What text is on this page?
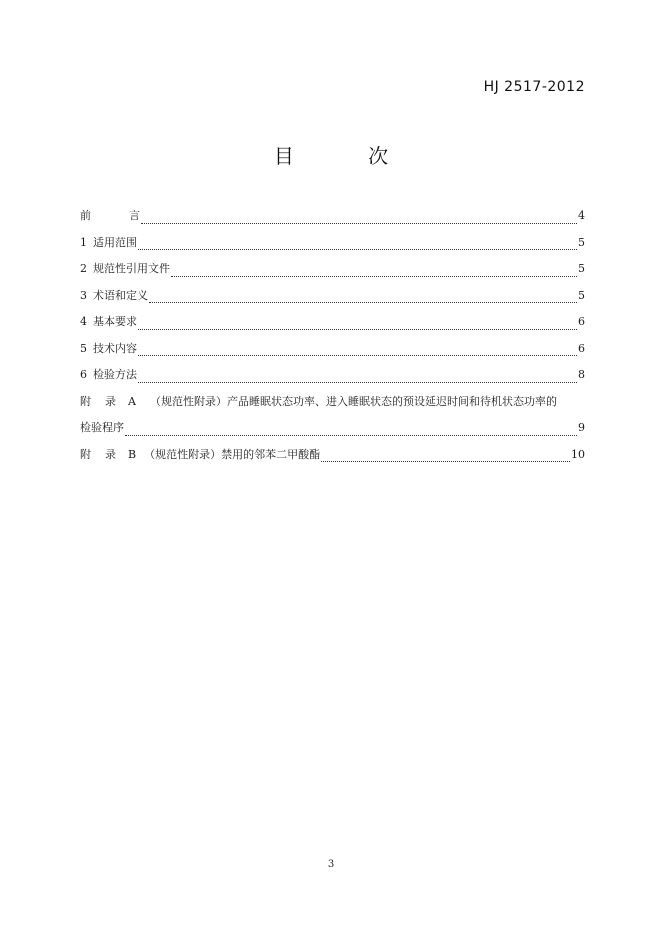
HJ 2517-2012
目 次
前	言	4
1 适用范围	5
2 规范性引用文件	5
3 术语和定义	5
4 基本要求	6
5 技术内容	6
6 检验方法	8
附 录 A （规范性附录）产品睡眠状态功率、进入睡眠状态的预设延迟时间和待机状态功率的
检验程序	9
附 录 B （规范性附录）禁用的邻苯二甲酸酯	10
3
